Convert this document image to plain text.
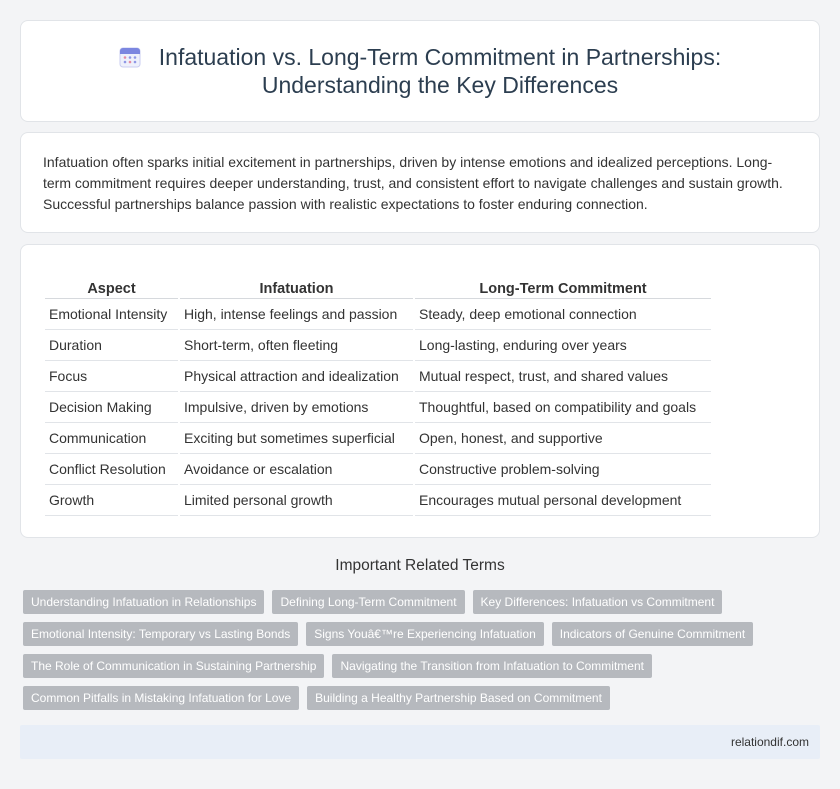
Infatuation vs. Long-Term Commitment in Partnerships:
Understanding the Key Differences

Infatuation often sparks initial excitement in partnerships, driven by intense emotions and idealized perceptions. Long-term commitment requires deeper understanding, trust, and consistent effort to navigate challenges and sustain growth. Successful partnerships balance passion with realistic expectations to foster enduring connection.

Aspect	Infatuation	Long-Term Commitment
Emotional Intensity	High, intense feelings and passion	Steady, deep emotional connection
Duration	Short-term, often fleeting	Long-lasting, enduring over years
Focus	Physical attraction and idealization	Mutual respect, trust, and shared values
Decision Making	Impulsive, driven by emotions	Thoughtful, based on compatibility and goals
Communication	Exciting but sometimes superficial	Open, honest, and supportive
Conflict Resolution	Avoidance or escalation	Constructive problem-solving
Growth	Limited personal growth	Encourages mutual personal development
Important Related Terms
Understanding Infatuation in Relationships	Defining Long-Term Commitment	Key Differences: Infatuation vs Commitment
Emotional Intensity: Temporary vs Lasting Bonds	Signs Youâ€™re Experiencing Infatuation	Indicators of Genuine Commitment
The Role of Communication in Sustaining Partnership	Navigating the Transition from Infatuation to Commitment
Common Pitfalls in Mistaking Infatuation for Love	Building a Healthy Partnership Based on Commitment
relationdif.com
